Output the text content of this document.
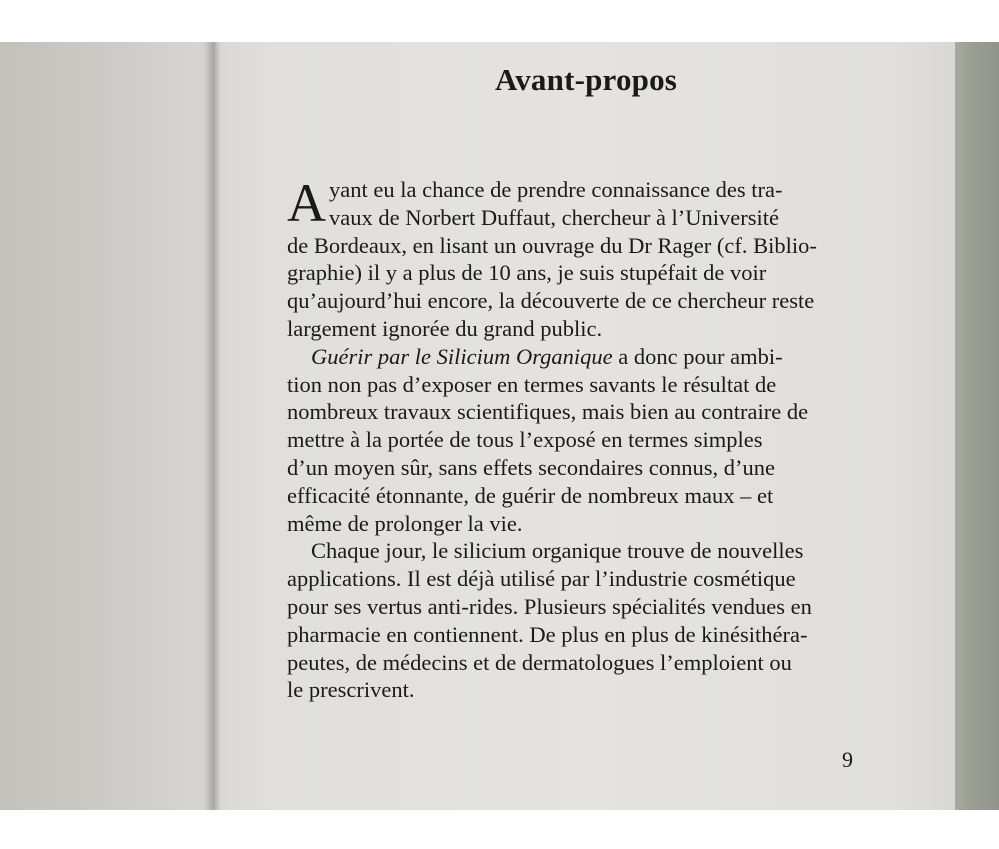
Avant-propos
A yant eu la chance de prendre connaissance des tra-
vaux de Norbert Duffaut, chercheur à l’Université
de Bordeaux, en lisant un ouvrage du Dr Rager (cf. Biblio-
graphie) il y a plus de 10 ans, je suis stupéfait de voir
qu’aujourd’hui encore, la découverte de ce chercheur reste
largement ignorée du grand public.
Guérir par le Silicium Organique a donc pour ambi-
tion non pas d’exposer en termes savants le résultat de
nombreux travaux scientifiques, mais bien au contraire de
mettre à la portée de tous l’exposé en termes simples
d’un moyen sûr, sans effets secondaires connus, d’une
efficacité étonnante, de guérir de nombreux maux – et
même de prolonger la vie.
Chaque jour, le silicium organique trouve de nouvelles
applications. Il est déjà utilisé par l’industrie cosmétique
pour ses vertus anti-rides. Plusieurs spécialités vendues en
pharmacie en contiennent. De plus en plus de kinésithéra-
peutes, de médecins et de dermatologues l’emploient ou
le prescrivent.
9
